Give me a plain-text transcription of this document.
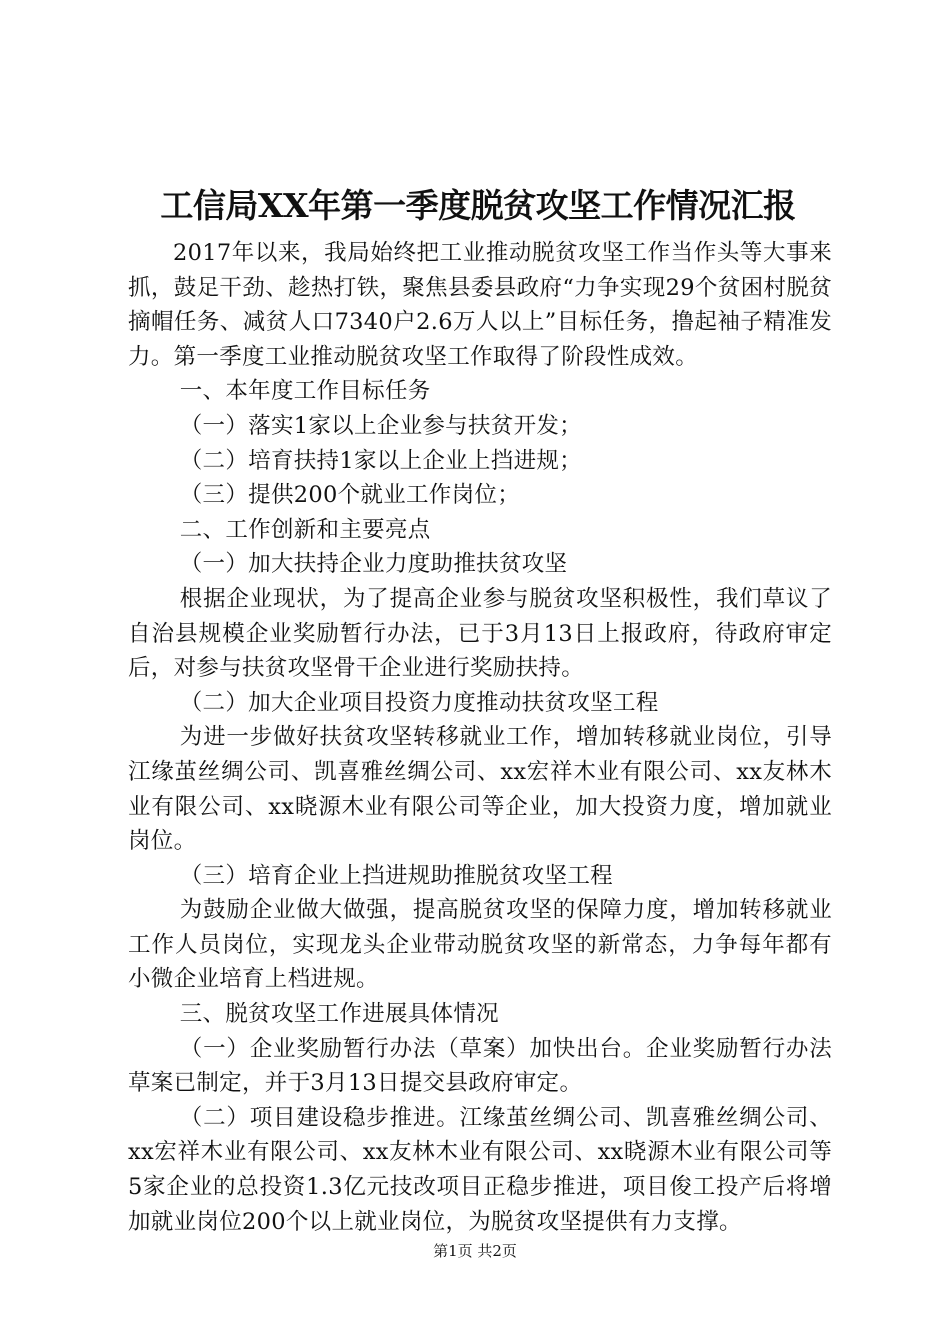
工信局XX年第一季度脱贫攻坚工作情况汇报

2017年以来，我局始终把工业推动脱贫攻坚工作当作头等大事来抓，鼓足干劲、趁热打铁，聚焦县委县政府“力争实现29个贫困村脱贫摘帽任务、减贫人口7340户2.6万人以上”目标任务，撸起袖子精准发力。第一季度工业推动脱贫攻坚工作取得了阶段性成效。

一、本年度工作目标任务

（一）落实1家以上企业参与扶贫开发；

（二）培育扶持1家以上企业上挡进规；

（三）提供200个就业工作岗位；

二、工作创新和主要亮点

（一）加大扶持企业力度助推扶贫攻坚

根据企业现状，为了提高企业参与脱贫攻坚积极性，我们草议了自治县规模企业奖励暂行办法，已于3月13日上报政府，待政府审定后，对参与扶贫攻坚骨干企业进行奖励扶持。

（二）加大企业项目投资力度推动扶贫攻坚工程

为进一步做好扶贫攻坚转移就业工作，增加转移就业岗位，引导江缘茧丝绸公司、凯喜雅丝绸公司、xx宏祥木业有限公司、xx友林木业有限公司、xx晓源木业有限公司等企业，加大投资力度，增加就业岗位。

（三）培育企业上挡进规助推脱贫攻坚工程

为鼓励企业做大做强，提高脱贫攻坚的保障力度，增加转移就业工作人员岗位，实现龙头企业带动脱贫攻坚的新常态，力争每年都有小微企业培育上档进规。

三、脱贫攻坚工作进展具体情况

（一）企业奖励暂行办法（草案）加快出台。企业奖励暂行办法草案已制定，并于3月13日提交县政府审定。

（二）项目建设稳步推进。江缘茧丝绸公司、凯喜雅丝绸公司、xx宏祥木业有限公司、xx友林木业有限公司、xx晓源木业有限公司等5家企业的总投资1.3亿元技改项目正稳步推进，项目俊工投产后将增加就业岗位200个以上就业岗位，为脱贫攻坚提供有力支撑。

第1页 共2页
